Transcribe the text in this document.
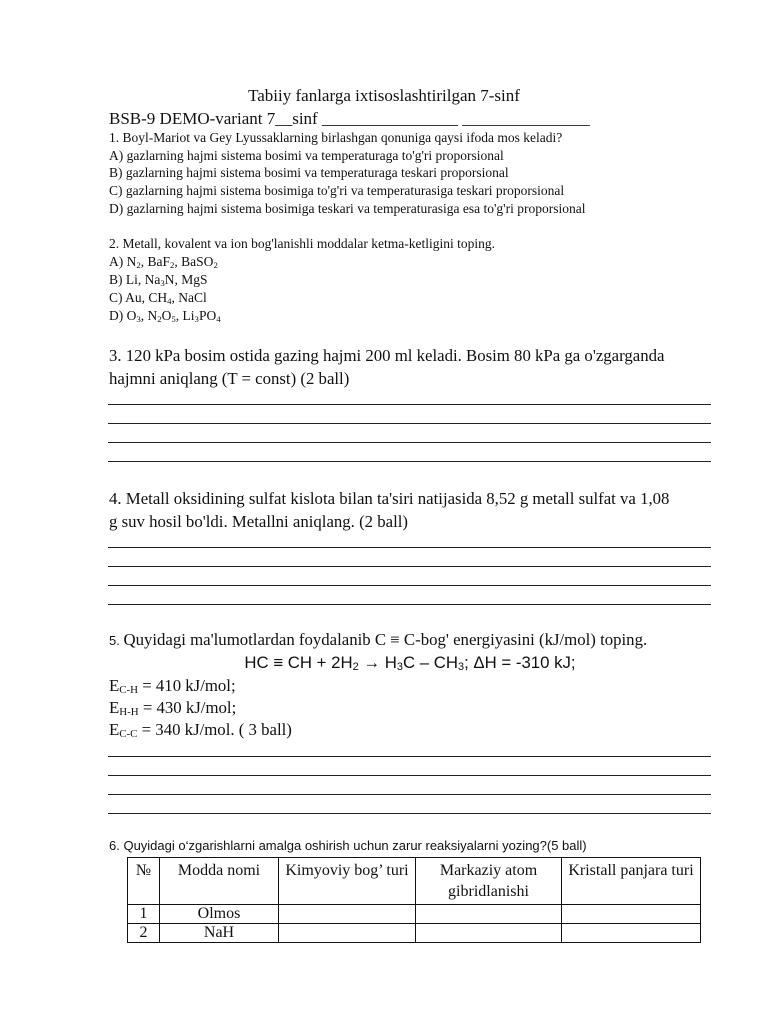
Tabiiy fanlarga ixtisoslashtirilgan 7-sinf
BSB-9 DEMO-variant 7__sinf ________________ _______________
1. Boyl-Mariot va Gey Lyussaklarning birlashgan qonuniga qaysi ifoda mos keladi?
A) gazlarning hajmi sistema bosimi va temperaturaga to'g'ri proporsional
B) gazlarning hajmi sistema bosimi va temperaturaga teskari proporsional
C) gazlarning hajmi sistema bosimiga to'g'ri va temperaturasiga teskari proporsional
D) gazlarning hajmi sistema bosimiga teskari va temperaturasiga esa to'g'ri proporsional
2. Metall, kovalent va ion bog'lanishli moddalar ketma-ketligini toping.
A) $N_2$, BaF$_2$, BaSO$_2$
B) Li, $Na_3N$, MgS
C) Au, $CH_4$, NaCl
D) $O_3$, $N_2O_5$, $Li_3PO_4$
3. 120 kPa bosim ostida gazing hajmi 200 ml keladi. Bosim 80 kPa ga o'zgarganda
hajmni aniqlang (T = const) (2 ball)
4. Metall oksidining sulfat kislota bilan ta'siri natijasida 8,52 g metall sulfat va 1,08
g suv hosil bo'ldi. Metallni aniqlang. (2 ball)
5. Quyidagi ma'lumotlardan foydalanib C ≡ C-bog' energiyasini (kJ/mol) toping.
HC ≡ CH + $2H_2 \to H_3C - CH_3$; ΔH = -310 kJ;
$E_{C-H} = 410$ kJ/mol;
$E_{H-H} = 430$ kJ/mol;
$E_{C-C} = 340$ kJ/mol. ( 3 ball)
6. Quyidagi o‘zgarishlarni amalga oshirish uchun zarur reaksiyalarni yozing?(5 ball)
№	Modda nomi	Kimyoviy bog’ turi	Markaziy atom gibridlanishi	Kristall panjara turi
1	Olmos			
2	NaH			
